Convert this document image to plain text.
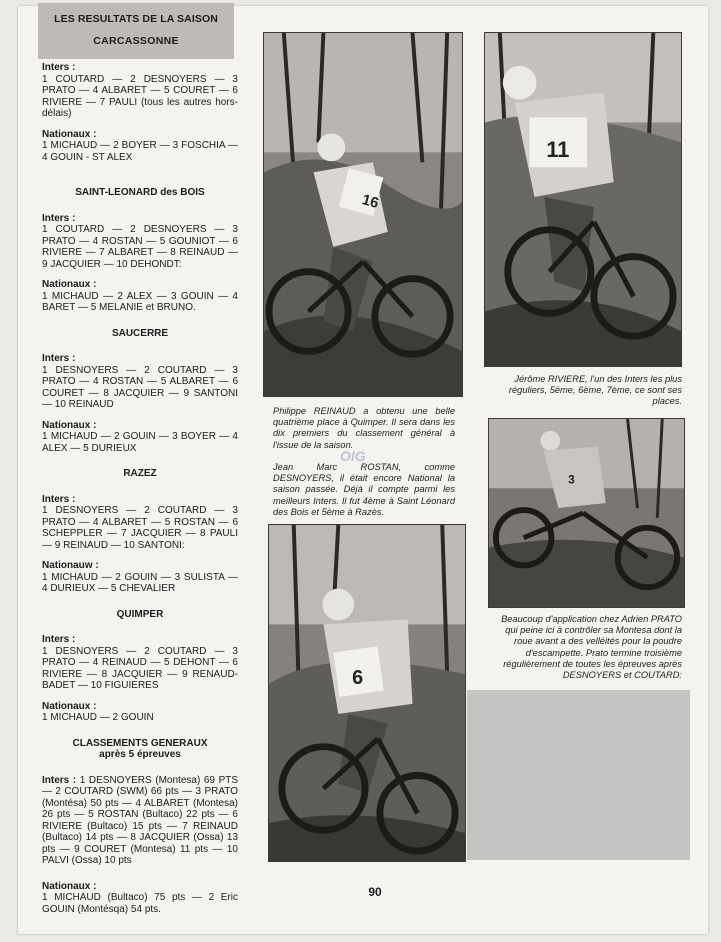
LES RESULTATS DE LA SAISON
CARCASSONNE
Inters :
1 COUTARD — 2 DESNOYERS — 3 PRATO — 4 ALBARET — 5 COURET — 6 RIVIERE — 7 PAULI (tous les autres hors-délais)
Nationaux :
1 MICHAUD — 2 BOYER — 3 FOSCHIA — 4 GOUIN - ST ALEX
SAINT-LEONARD des BOIS
Inters :
1 COUTARD — 2 DESNOYERS — 3 PRATO — 4 ROSTAN — 5 GOUNIOT — 6 RIVIERE — 7 ALBARET — 8 REINAUD — 9 JACQUIER — 10 DEHONDT:
Nationaux :
1 MICHAUD — 2 ALEX — 3 GOUIN — 4 BARET — 5 MELANIE et BRUNO.
SAUCERRE
Inters :
1 DESNOYERS — 2 COUTARD — 3 PRATO — 4 ROSTAN — 5 ALBARET — 6 COURET — 8 JACQUIER — 9 SANTONI — 10 REINAUD
Nationaux :
1 MICHAUD — 2 GOUIN — 3 BOYER — 4 ALEX — 5 DURIEUX
RAZEZ
Inters :
1 DESNOYERS — 2 COUTARD — 3 PRATO — 4 ALBARET — 5 ROSTAN — 6 SCHEPPLER — 7 JACQUIER — 8 PAULI — 9 REINAUD — 10 SANTONI:
Nationauw :
1 MICHAUD — 2 GOUIN — 3 SULISTA — 4 DURIEUX — 5 CHEVALIER
QUIMPER
Inters :
1 DESNOYERS — 2 COUTARD — 3 PRATO — 4 REINAUD — 5 DEHONT — 6 RIVIERE — 8 JACQUIER — 9 RENAUD-BADET — 10 FIGUIERES
Nationaux :
1 MICHAUD — 2 GOUIN
CLASSEMENTS GENERAUX
après 5 épreuves
Inters : 1 DESNOYERS (Montesa) 69 PTS — 2 COUTARD (SWM) 66 pts — 3 PRATO (Montésa) 50 pts — 4 ALBARET (Montesa) 26 pts — 5 ROSTAN (Bultaco) 22 pts — 6 RIVIERE (Bultaco) 15 pts — 7 REINAUD (Bultaco) 14 pts — 8 JACQUIER (Ossa) 13 pts — 9 COURET (Montesa) 11 pts — 10 PALVI (Ossa) 10 pts
Nationaux :
1 MICHAUD (Bultaco) 75 pts — 2 Eric GOUIN (Montésqa) 54 pts.
16
11
3
6
Philippe REINAUD a obtenu une belle quatrième place à Quimper. Il sera dans les dix premiers du classement général à l'issue de la saison.
Jean Marc ROSTAN, comme DESNOYERS, il était encore National la saison passée. Déjà il compte parmi les meilleurs Inters. Il fut 4ème à Saint Léonard des Bois et 5ème à Razès.
OIG
Jérôme RIVIERE, l'un des Inters les plus réguliers, 5ème, 6ème, 7ème, ce sont ses places.
Beaucoup d'application chez Adrien PRATO qui peine ici à contrôler sa Montesa dont la roue avant a des velléités pour la poudre d'escampette. Prato termine troisième régulièrement de toutes les épreuves après DESNOYERS et COUTARD:
90
